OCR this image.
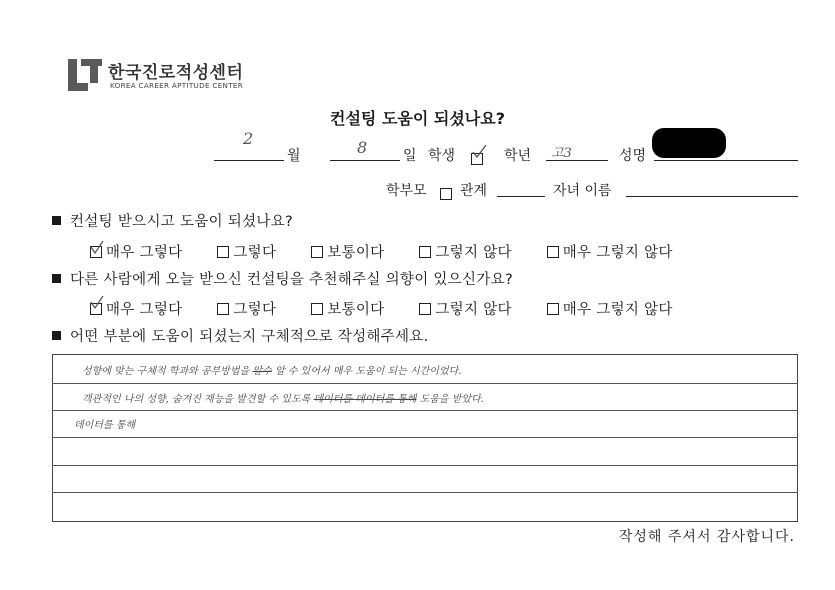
한국진로적성센터
KOREA CAREER APTITUDE CENTER
컨설팅 도움이 되셨나요?
2
월	8	일 학생	학년 고3	성명
학부모 관계	자녀 이름
컨설팅 받으시고 도움이 되셨나요?
매우 그렇다	그렇다	보통이다	그렇지 않다	매우 그렇지 않다
다른 사람에게 오늘 받으신 컨설팅을 추천해주실 의향이 있으신가요?
매우 그렇다	그렇다	보통이다	그렇지 않다	매우 그렇지 않다
어떤 부분에 도움이 되셨는지 구체적으로 작성해주세요.
성향에 맞는 구체적 학과와 공부방법을 알수 알 수 있어서 매우 도움이 되는 시간이었다.
객관적인 나의 성향, 숨겨진 재능을 발견할 수 있도록 데이터를 데이터를 통해 도움을 받았다.
데이터를 통해
작성해 주셔서 감사합니다.
